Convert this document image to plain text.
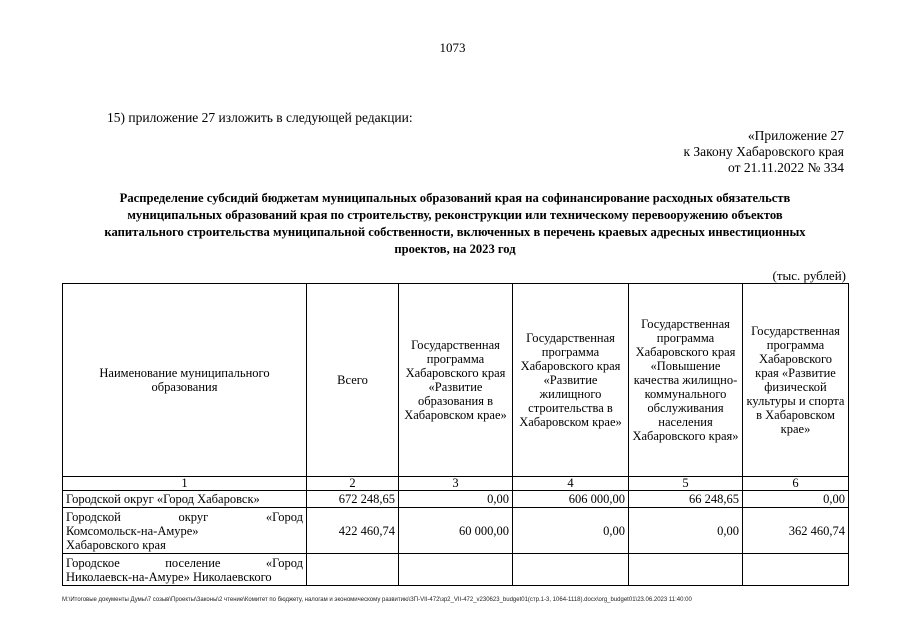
1073
15) приложение 27 изложить в следующей редакции:
«Приложение 27
к Закону Хабаровского края
от 21.11.2022 № 334
Распределение субсидий бюджетам муниципальных образований края на софинансирование расходных обязательств
муниципальных образований края по строительству, реконструкции или техническому перевооружению объектов
капитального строительства муниципальной собственности, включенных в перечень краевых адресных инвестиционных
проектов, на 2023 год
(тыс. рублей)
Наименование муниципального образования	Всего	Государственная программа Хабаровского края «Развитие образования в Хабаровском крае»	Государственная программа Хабаровского края «Развитие жилищного строительства в Хабаровском крае»	Государственная программа Хабаровского края «Повышение качества жилищно-коммунального обслуживания населения Хабаровского края»	Государственная программа Хабаровского края «Развитие физической культуры и спорта в Хабаровском крае»
1	2	3	4	5	6
Городской округ «Город Хабаровск»	672 248,65	0,00	606 000,00	66 248,65	0,00

Городской округ «Город
Комсомольск-на-Амуре»
Хабаровского края	422 460,74	60 000,00	0,00	0,00	362 460,74

Городское поселение «Город
Николаевск-на-Амуре» Николаевского					

М:\Итоговые документы Думы\7 созыв\Проекты\Законы\2 чтение\Комитет по бюджету, налогам и экономическому развитию\ЗП-VII-472\зр2_VII-472_v230623_budget01(стр.1-3, 1064-1118).docx\org_budget01\23.06.2023 11:40:00
